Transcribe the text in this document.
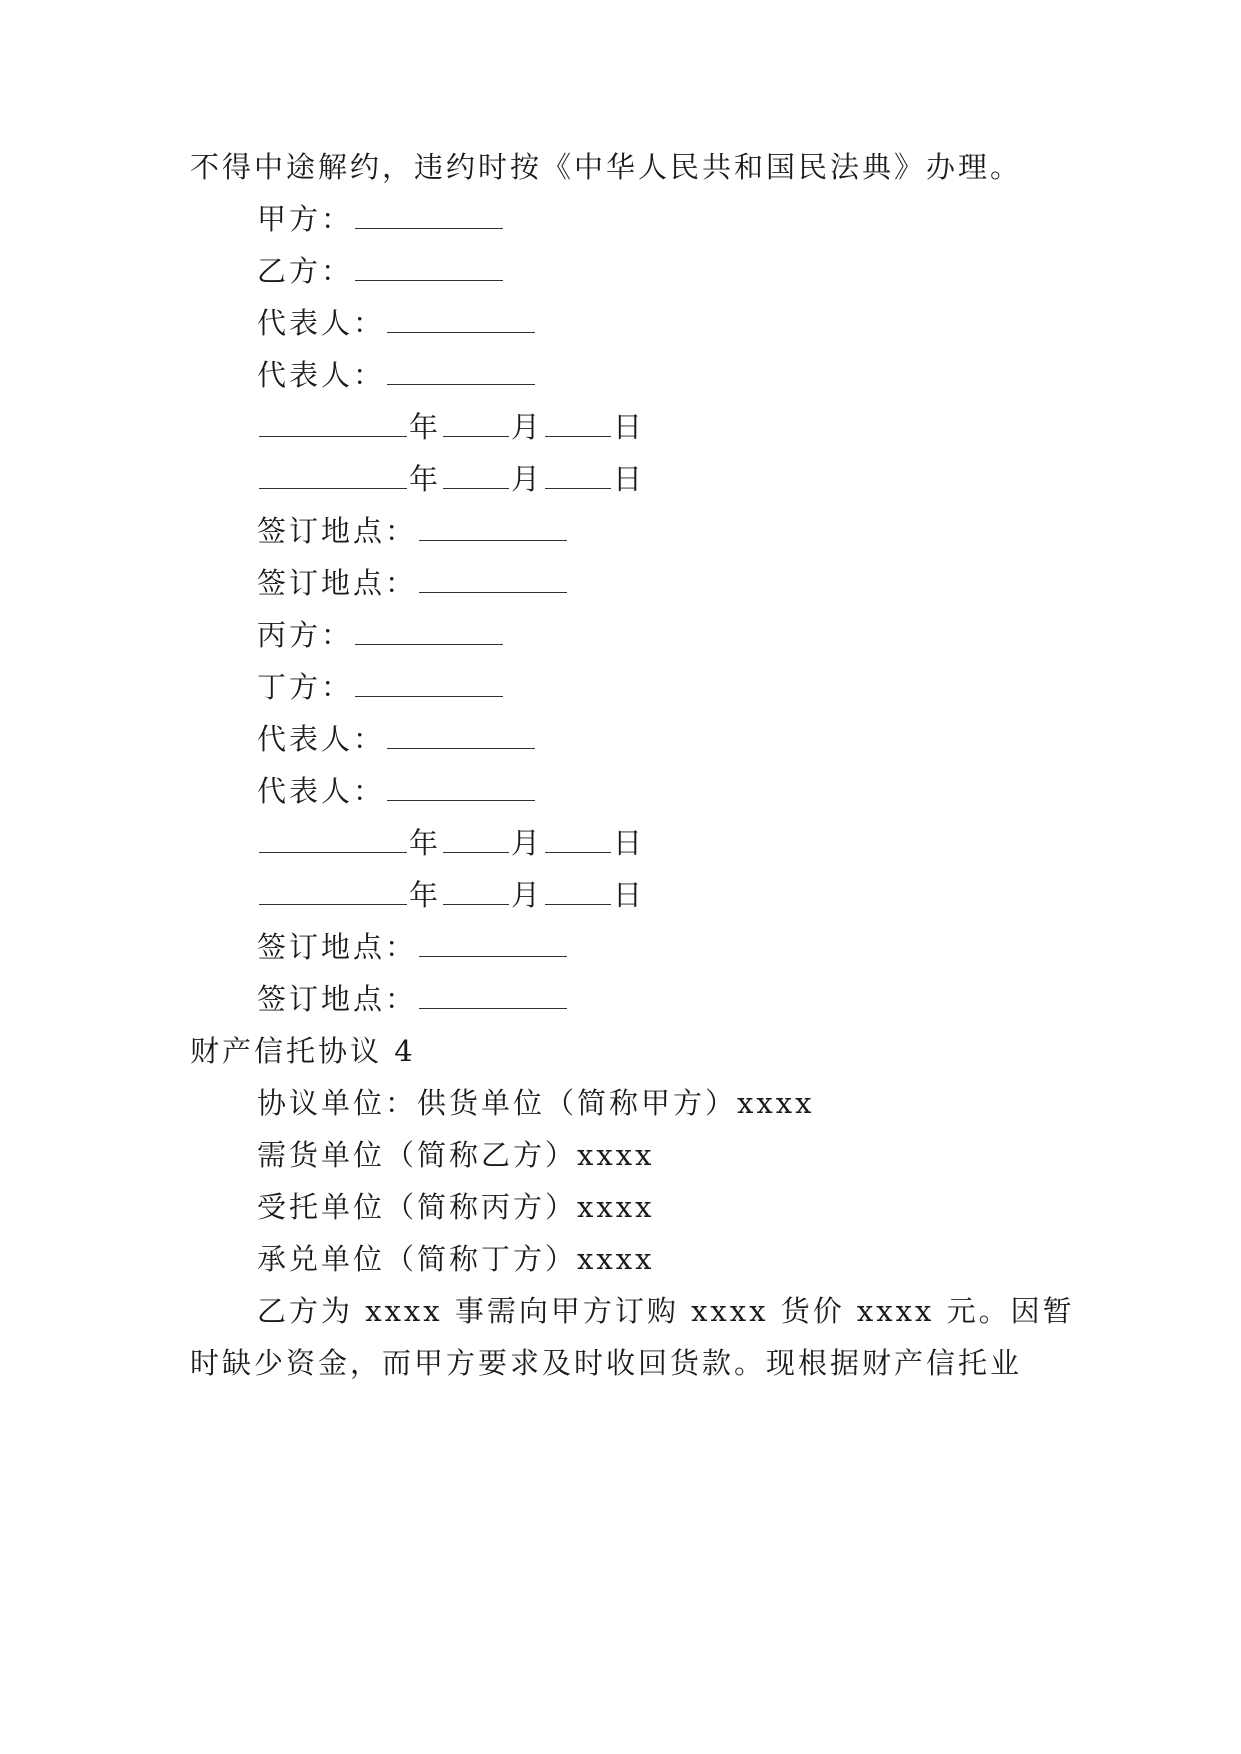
不得中途解约，违约时按《中华人民共和国民法典》办理。
甲方：
乙方：
代表人：
代表人：
年 月 日
年 月 日
签订地点：
签订地点：
丙方：
丁方：
代表人：
代表人：
年 月 日
年 月 日
签订地点：
签订地点：
财产信托协议 4
协议单位：供货单位（简称甲方）xxxx
需货单位（简称乙方）xxxx
受托单位（简称丙方）xxxx
承兑单位（简称丁方）xxxx
乙方为 xxxx 事需向甲方订购 xxxx 货价 xxxx 元。因暂
时缺少资金，而甲方要求及时收回货款。现根据财产信托业
